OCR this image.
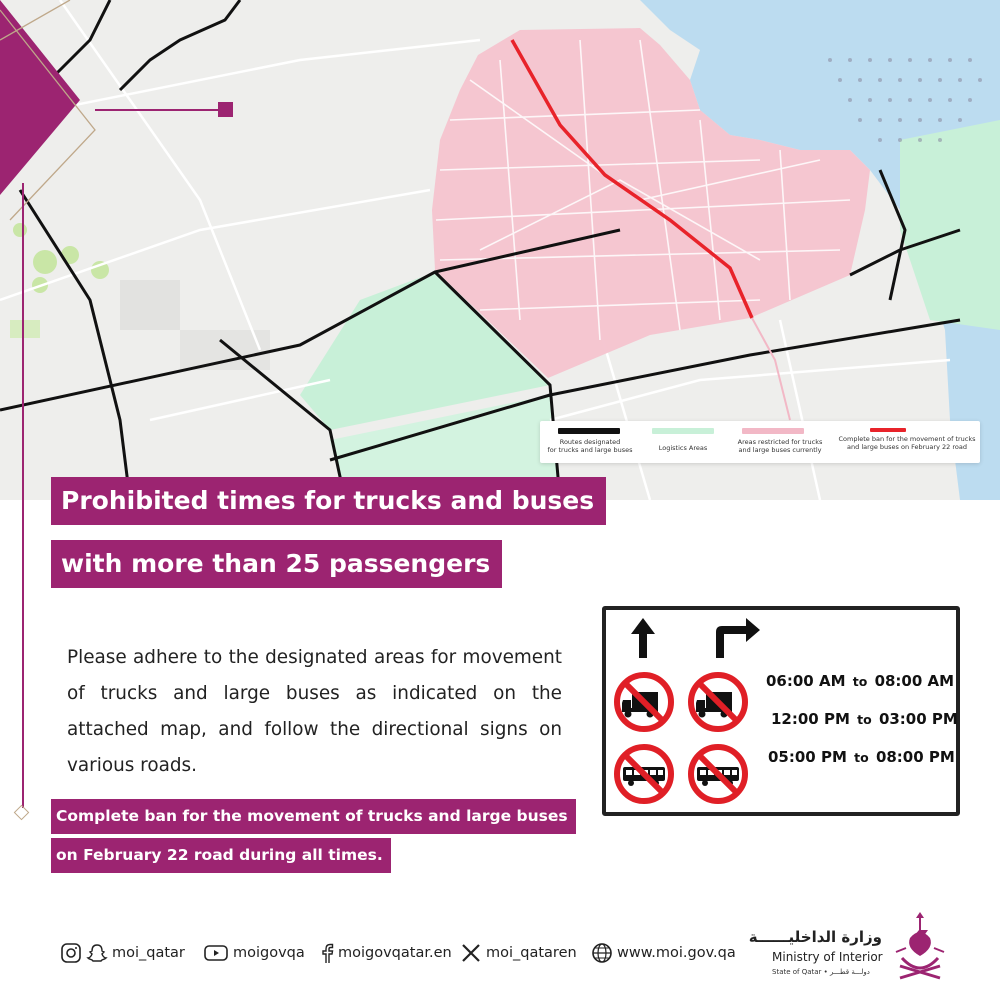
Routes designated
for trucks and large buses	Logistics Areas
Areas restricted for trucks
and large buses currently
Complete ban for the movement of trucks
and large buses on February 22 road
Prohibited times for trucks and buses
with more than 25 passengers
Please adhere to the designated areas for movement of trucks and large buses as indicated on the attached map, and follow the directional signs on various roads.
Complete ban for the movement of trucks and large buses
on February 22 road during all times.
06:00 AM to 08:00 AM
12:00 PM to 03:00 PM
05:00 PM to 08:00 PM
moi_qatar	moigovqa moigovqatar.en moi_qataren	www.moi.gov.qa
وزارة الداخليــــــة
Ministry of Interior
State of Qatar • دولـــة قطـــر
